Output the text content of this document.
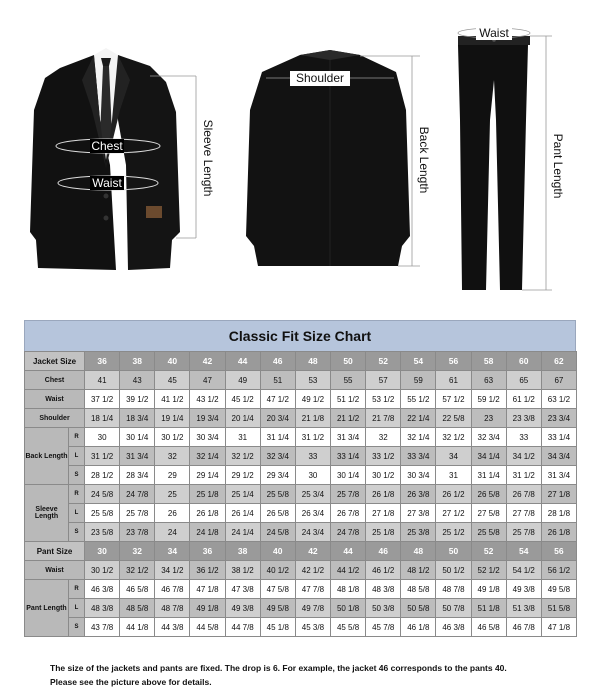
Chest
Waist	Sleeve Length
Shoulder
Back Length
Waist
Pant Length
Classic Fit Size Chart
Jacket Size		36	38	40	42	44	46	48	50	52	54	56	58	60	62
Chest		41	43	45	47	49	51	53	55	57	59	61	63	65	67
Waist		37 1/2	39 1/2	41 1/2	43 1/2	45 1/2	47 1/2	49 1/2	51 1/2	53 1/2	55 1/2	57 1/2	59 1/2	61 1/2	63 1/2
Shoulder		18 1/4	18 3/4	19 1/4	19 3/4	20 1/4	20 3/4	21 1/8	21 1/2	21 7/8	22 1/4	22 5/8	23	23 3/8	23 3/4
Back Length	R	30	30 1/4	30 1/2	30 3/4	31	31 1/4	31 1/2	31 3/4	32	32 1/4	32 1/2	32 3/4	33	33 1/4
	L	31 1/2	31 3/4	32	32 1/4	32 1/2	32 3/4	33	33 1/4	33 1/2	33 3/4	34	34 1/4	34 1/2	34 3/4
	S	28 1/2	28 3/4	29	29 1/4	29 1/2	29 3/4	30	30 1/4	30 1/2	30 3/4	31	31 1/4	31 1/2	31 3/4
Sleeve Length	R	24 5/8	24 7/8	25	25 1/8	25 1/4	25 5/8	25 3/4	25 7/8	26 1/8	26 3/8	26 1/2	26 5/8	26 7/8	27 1/8
	L	25 5/8	25 7/8	26	26 1/8	26 1/4	26 5/8	26 3/4	26 7/8	27 1/8	27 3/8	27 1/2	27 5/8	27 7/8	28 1/8
	S	23 5/8	23 7/8	24	24 1/8	24 1/4	24 5/8	24 3/4	24 7/8	25 1/8	25 3/8	25 1/2	25 5/8	25 7/8	26 1/8
Pant Size		30	32	34	36	38	40	42	44	46	48	50	52	54	56
Waist		30 1/2	32 1/2	34 1/2	36 1/2	38 1/2	40 1/2	42 1/2	44 1/2	46 1/2	48 1/2	50 1/2	52 1/2	54 1/2	56 1/2
Pant Length	R	46 3/8	46 5/8	46 7/8	47 1/8	47 3/8	47 5/8	47 7/8	48 1/8	48 3/8	48 5/8	48 7/8	49 1/8	49 3/8	49 5/8
	L	48 3/8	48 5/8	48 7/8	49 1/8	49 3/8	49 5/8	49 7/8	50 1/8	50 3/8	50 5/8	50 7/8	51 1/8	51 3/8	51 5/8
	S	43 7/8	44 1/8	44 3/8	44 5/8	44 7/8	45 1/8	45 3/8	45 5/8	45 7/8	46 1/8	46 3/8	46 5/8	46 7/8	47 1/8
The size of the jackets and pants are fixed. The drop is 6. For example, the jacket 46 corresponds to the pants 40.
Please see the picture above for details.
